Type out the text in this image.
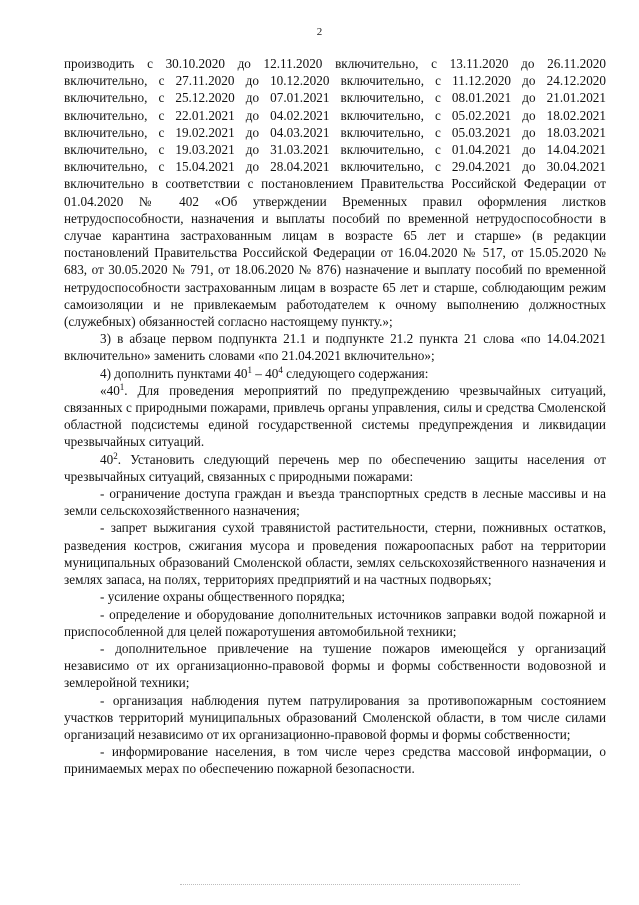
2

производить с 30.10.2020 до 12.11.2020 включительно, с 13.11.2020 до 26.11.2020 включительно, с 27.11.2020 до 10.12.2020 включительно, с 11.12.2020 до 24.12.2020 включительно, с 25.12.2020 до 07.01.2021 включительно, с 08.01.2021 до 21.01.2021 включительно, с 22.01.2021 до 04.02.2021 включительно, с 05.02.2021 до 18.02.2021 включительно, с 19.02.2021 до 04.03.2021 включительно, с 05.03.2021 до 18.03.2021 включительно, с 19.03.2021 до 31.03.2021 включительно, с 01.04.2021 до 14.04.2021 включительно, с 15.04.2021 до 28.04.2021 включительно, с 29.04.2021 до 30.04.2021 включительно в соответствии с постановлением Правительства Российской Федерации от 01.04.2020 № 402 «Об утверждении Временных правил оформления листков нетрудоспособности, назначения и выплаты пособий по временной нетрудоспособности в случае карантина застрахованным лицам в возрасте 65 лет и старше» (в редакции постановлений Правительства Российской Федерации от 16.04.2020 № 517, от 15.05.2020 № 683, от 30.05.2020 № 791, от 18.06.2020 № 876) назначение и выплату пособий по временной нетрудоспособности застрахованным лицам в возрасте 65 лет и старше, соблюдающим режим самоизоляции и не привлекаемым работодателем к очному выполнению должностных (служебных) обязанностей согласно настоящему пункту.»;

3) в абзаце первом подпункта 21.1 и подпункте 21.2 пункта 21 слова «по 14.04.2021 включительно» заменить словами «по 21.04.2021 включительно»;

4) дополнить пунктами $40^1 - 40^4$ следующего содержания:

«$40^1$. Для проведения мероприятий по предупреждению чрезвычайных ситуаций, связанных с природными пожарами, привлечь органы управления, силы и средства Смоленской областной подсистемы единой государственной системы предупреждения и ликвидации чрезвычайных ситуаций.

$40^2$. Установить следующий перечень мер по обеспечению защиты населения от чрезвычайных ситуаций, связанных с природными пожарами:

- ограничение доступа граждан и въезда транспортных средств в лесные массивы и на земли сельскохозяйственного назначения;

- запрет выжигания сухой травянистой растительности, стерни, пожнивных остатков, разведения костров, сжигания мусора и проведения пожароопасных работ на территории муниципальных образований Смоленской области, землях сельскохозяйственного назначения и землях запаса, на полях, территориях предприятий и на частных подворьях;

- усиление охраны общественного порядка;

- определение и оборудование дополнительных источников заправки водой пожарной и приспособленной для целей пожаротушения автомобильной техники;

- дополнительное привлечение на тушение пожаров имеющейся у организаций независимо от их организационно-правовой формы и формы собственности водовозной и землеройной техники;

- организация наблюдения путем патрулирования за противопожарным состоянием участков территорий муниципальных образований Смоленской области, в том числе силами организаций независимо от их организационно-правовой формы и формы собственности;

- информирование населения, в том числе через средства массовой информации, о принимаемых мерах по обеспечению пожарной безопасности.
